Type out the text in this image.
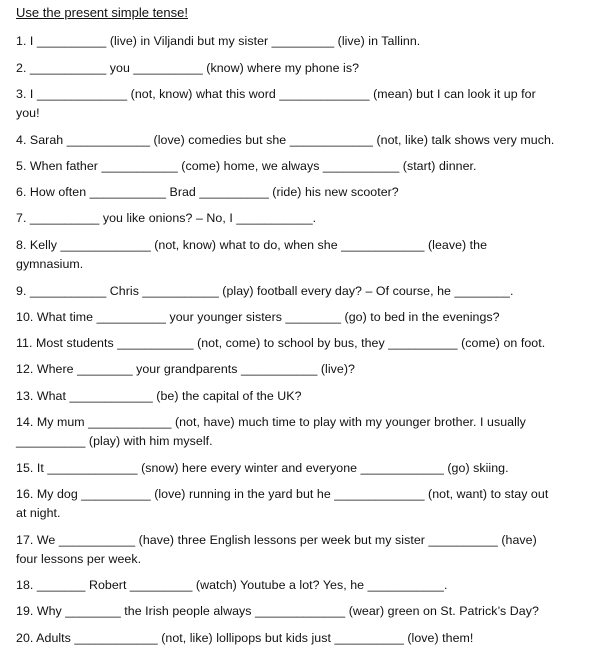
Use the present simple tense!
1. I __________ (live) in Viljandi but my sister _________ (live) in Tallinn.
2. ___________ you __________ (know) where my phone is?
3. I _____________ (not, know) what this word _____________ (mean) but I can look it up for
you!
4. Sarah ____________ (love) comedies but she ____________ (not, like) talk shows very much.
5. When father ___________ (come) home, we always ___________ (start) dinner.
6. How often ___________ Brad __________ (ride) his new scooter?
7. __________ you like onions? – No, I ___________.
8. Kelly _____________ (not, know) what to do, when she ____________ (leave) the
gymnasium.
9. ___________ Chris ___________ (play) football every day? – Of course, he ________.
10. What time __________ your younger sisters ________ (go) to bed in the evenings?
11. Most students ___________ (not, come) to school by bus, they __________ (come) on foot.
12. Where ________ your grandparents ___________ (live)?
13. What ____________ (be) the capital of the UK?
14. My mum ____________ (not, have) much time to play with my younger brother. I usually
__________ (play) with him myself.
15. It _____________ (snow) here every winter and everyone ____________ (go) skiing.
16. My dog __________ (love) running in the yard but he _____________ (not, want) to stay out
at night.
17. We ___________ (have) three English lessons per week but my sister __________ (have)
four lessons per week.
18. _______ Robert _________ (watch) Youtube a lot? Yes, he ___________.
19. Why ________ the Irish people always _____________ (wear) green on St. Patrick’s Day?
20. Adults ____________ (not, like) lollipops but kids just __________ (love) them!
